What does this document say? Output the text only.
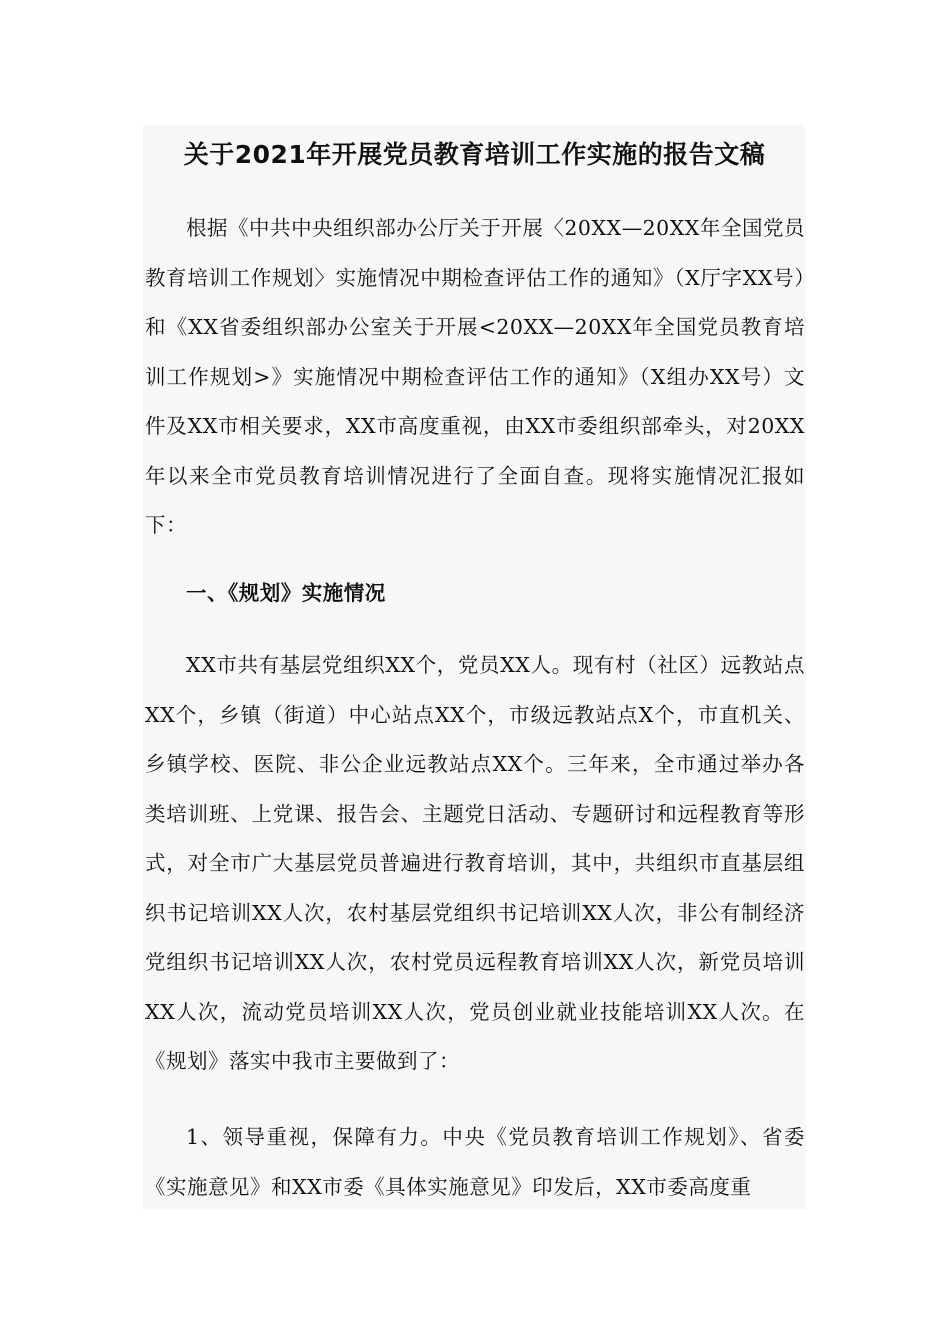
关于2021年开展党员教育培训工作实施的报告文稿

根据《中共中央组织部办公厅关于开展〈20XX—20XX年全国党员教育培训工作规划〉实施情况中期检查评估工作的通知》（X厅字XX号）和《XX省委组织部办公室关于开展<20XX—20XX年全国党员教育培训工作规划>》实施情况中期检查评估工作的通知》（X组办XX号）文件及XX市相关要求，XX市高度重视，由XX市委组织部牵头，对20XX年以来全市党员教育培训情况进行了全面自查。现将实施情况汇报如下：

一、《规划》实施情况

XX市共有基层党组织XX个，党员XX人。现有村（社区）远教站点XX个，乡镇（街道）中心站点XX个，市级远教站点X个，市直机关、乡镇学校、医院、非公企业远教站点XX个。三年来，全市通过举办各类培训班、上党课、报告会、主题党日活动、专题研讨和远程教育等形式，对全市广大基层党员普遍进行教育培训，其中，共组织市直基层组织书记培训XX人次，农村基层党组织书记培训XX人次，非公有制经济党组织书记培训XX人次，农村党员远程教育培训XX人次，新党员培训XX人次，流动党员培训XX人次，党员创业就业技能培训XX人次。在《规划》落实中我市主要做到了：

1、领导重视，保障有力。中央《党员教育培训工作规划》、省委《实施意见》和XX市委《具体实施意见》印发后，XX市委高度重
